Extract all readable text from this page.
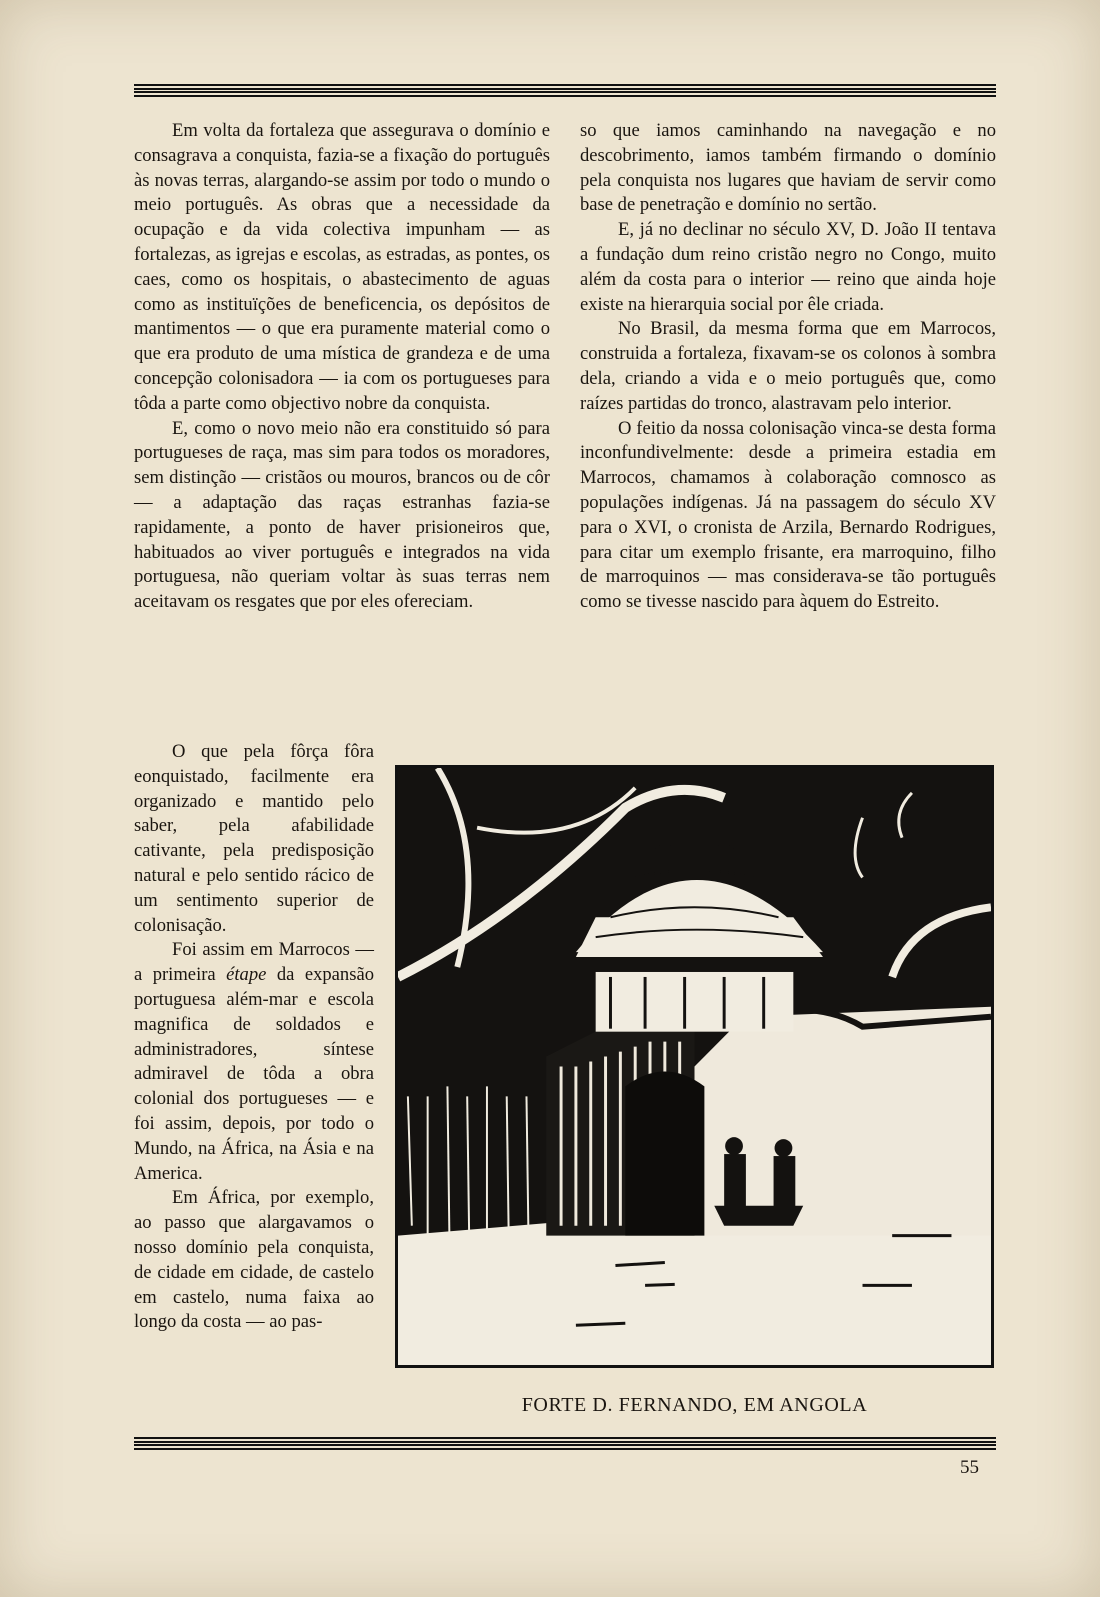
Em volta da fortaleza que assegurava o domínio e consagrava a conquista, fazia-se a fixação do português às novas terras, alargando-se assim por todo o mundo o meio português. As obras que a necessidade da ocupação e da vida colectiva impunham — as fortalezas, as igrejas e escolas, as estradas, as pontes, os caes, como os hospitais, o abastecimento de aguas como as instituïções de beneficencia, os depósitos de mantimentos — o que era puramente material como o que era produto de uma mística de grandeza e de uma concepção colonisadora — ia com os portugueses para tôda a parte como objectivo nobre da conquista.

E, como o novo meio não era constituido só para portugueses de raça, mas sim para todos os moradores, sem distinção — cristãos ou mouros, brancos ou de côr — a adaptação das raças estranhas fazia-se rapidamente, a ponto de haver prisioneiros que, habituados ao viver português e integrados na vida portuguesa, não queriam voltar às suas terras nem aceitavam os resgates que por eles ofereciam.

O que pela fôrça fôra eonquistado, facilmente era organizado e mantido pelo saber, pela afabilidade cativante, pela predisposição natural e pelo sentido rácico de um sentimento superior de colonisação.

Foi assim em Marrocos — a primeira étape da expansão portuguesa além-mar e escola magnifica de soldados e administradores, síntese admiravel de tôda a obra colonial dos portugueses — e foi assim, depois, por todo o Mundo, na África, na Ásia e na America.

Em África, por exemplo, ao passo que alargavamos o nosso domínio pela conquista, de cidade em cidade, de castelo em castelo, numa faixa ao longo da costa — ao pas-

so que iamos caminhando na navegação e no descobrimento, iamos também firmando o domínio pela conquista nos lugares que haviam de servir como base de penetração e domínio no sertão.

E, já no declinar no século XV, D. João II tentava a fundação dum reino cristão negro no Congo, muito além da costa para o interior — reino que ainda hoje existe na hierarquia social por êle criada.

No Brasil, da mesma forma que em Marrocos, construida a fortaleza, fixavam-se os colonos à sombra dela, criando a vida e o meio português que, como raízes partidas do tronco, alastravam pelo interior.

O feitio da nossa colonisação vinca-se desta forma inconfundivelmente: desde a primeira estadia em Marrocos, chamamos à colaboração comnosco as populações indígenas. Já na passagem do século XV para o XVI, o cronista de Arzila, Bernardo Rodrigues, para citar um exemplo frisante, era marroquino, filho de marroquinos — mas considerava-se tão português como se tivesse nascido para àquem do Estreito.

FORTE D. FERNANDO, EM ANGOLA
55
